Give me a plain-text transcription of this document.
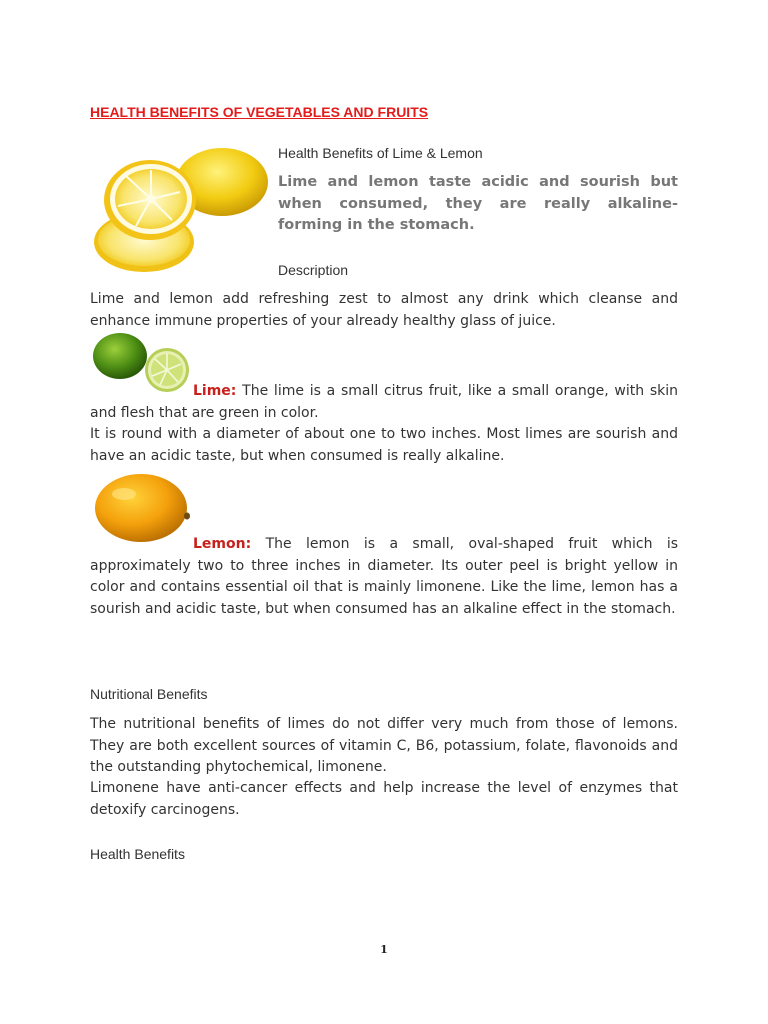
HEALTH BENEFITS OF VEGETABLES AND FRUITS
Health Benefits of Lime & Lemon
Lime and lemon taste acidic and sourish but when consumed, they are really alkaline-forming in the stomach.
Description
Lime and lemon add refreshing zest to almost any drink which cleanse and enhance immune properties of your already healthy glass of juice.
Lime: The lime is a small citrus fruit, like a small orange, with skin and flesh that are green in color.
It is round with a diameter of about one to two inches. Most limes are sourish and have an acidic taste, but when consumed is really alkaline.
Lemon: The lemon is a small, oval-shaped fruit which is approximately two to three inches in diameter. Its outer peel is bright yellow in color and contains essential oil that is mainly limonene. Like the lime, lemon has a sourish and acidic taste, but when consumed has an alkaline effect in the stomach.
Nutritional Benefits
The nutritional benefits of limes do not differ very much from those of lemons. They are both excellent sources of vitamin C, B6, potassium, folate, flavonoids and the outstanding phytochemical, limonene.
Limonene have anti-cancer effects and help increase the level of enzymes that detoxify carcinogens.
Health Benefits
1
